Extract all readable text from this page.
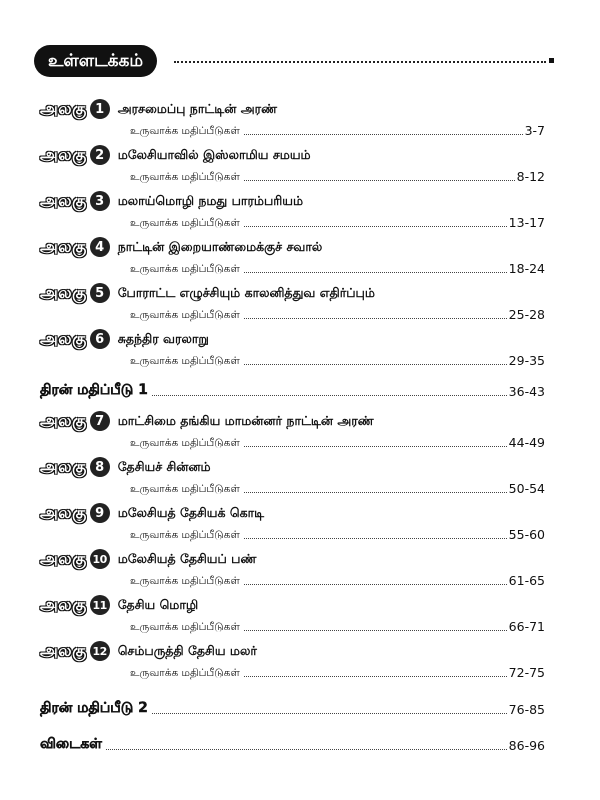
உள்ளடக்கம்
அலகு 1	அரசமைப்பு நாட்டின் அரண்
உருவாக்க மதிப்பீடுகள்	3-7
அலகு 2	மலேசியாவில் இஸ்லாமிய சமயம்
உருவாக்க மதிப்பீடுகள்	8-12
அலகு 3	மலாய்மொழி நமது பாரம்பரியம்
உருவாக்க மதிப்பீடுகள்	13-17
அலகு 4	நாட்டின் இறையாண்மைக்குச் சவால்
உருவாக்க மதிப்பீடுகள்	18-24
அலகு 5	போராட்ட எழுச்சியும் காலனித்துவ எதிர்ப்பும்
உருவாக்க மதிப்பீடுகள்	25-28
அலகு 6	சுதந்திர வரலாறு
உருவாக்க மதிப்பீடுகள்	29-35
திரன் மதிப்பீடு 1	36-43
அலகு 7	மாட்சிமை தங்கிய மாமன்னர் நாட்டின் அரண்
உருவாக்க மதிப்பீடுகள்	44-49
அலகு 8	தேசியச் சின்னம்
உருவாக்க மதிப்பீடுகள்	50-54
அலகு 9	மலேசியத் தேசியக் கொடி
உருவாக்க மதிப்பீடுகள்	55-60
அலகு 10 மலேசியத் தேசியப் பண்
உருவாக்க மதிப்பீடுகள்	61-65
அலகு 11 தேசிய மொழி
உருவாக்க மதிப்பீடுகள்	66-71
அலகு 12 செம்பருத்தி தேசிய மலர்
உருவாக்க மதிப்பீடுகள்	72-75
திரன் மதிப்பீடு 2	76-85
விடைகள்	86-96
